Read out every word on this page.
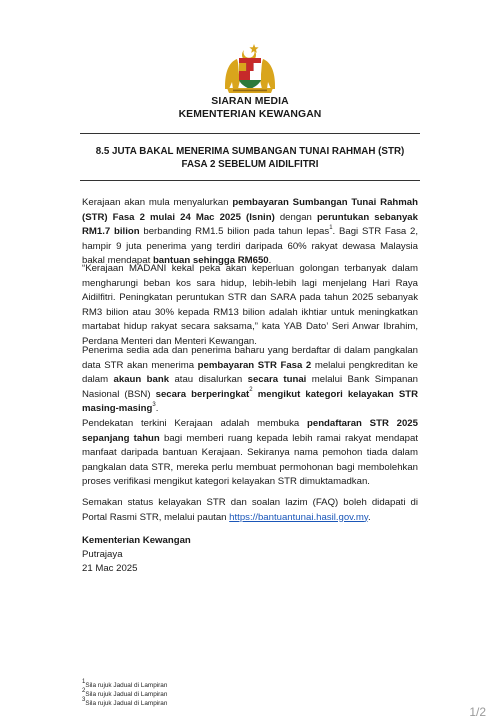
SIARAN MEDIA
KEMENTERIAN KEWANGAN
8.5 JUTA BAKAL MENERIMA SUMBANGAN TUNAI RAHMAH (STR)
FASA 2 SEBELUM AIDILFITRI
Kerajaan akan mula menyalurkan pembayaran Sumbangan Tunai Rahmah (STR) Fasa 2 mulai 24 Mac 2025 (Isnin) dengan peruntukan sebanyak RM1.7 bilion berbanding RM1.5 bilion pada tahun lepas$^1$. Bagi STR Fasa 2, hampir 9 juta penerima yang terdiri daripada 60% rakyat dewasa Malaysia bakal mendapat bantuan sehingga RM650.
“Kerajaan MADANI kekal peka akan keperluan golongan terbanyak dalam mengharungi beban kos sara hidup, lebih-lebih lagi menjelang Hari Raya Aidilfitri. Peningkatan peruntukan STR dan SARA pada tahun 2025 sebanyak RM3 bilion atau 30% kepada RM13 bilion adalah ikhtiar untuk meningkatkan martabat hidup rakyat secara saksama,” kata YAB Dato’ Seri Anwar Ibrahim, Perdana Menteri dan Menteri Kewangan.
Penerima sedia ada dan penerima baharu yang berdaftar di dalam pangkalan data STR akan menerima pembayaran STR Fasa 2 melalui pengkreditan ke dalam akaun bank atau disalurkan secara tunai melalui Bank Simpanan Nasional (BSN) secara berperingkat$^2$ mengikut kategori kelayakan STR masing-masing$^3$.
Pendekatan terkini Kerajaan adalah membuka pendaftaran STR 2025 sepanjang tahun bagi memberi ruang kepada lebih ramai rakyat mendapat manfaat daripada bantuan Kerajaan. Sekiranya nama pemohon tiada dalam pangkalan data STR, mereka perlu membuat permohonan bagi membolehkan proses verifikasi mengikut kategori kelayakan STR dimuktamadkan.
Semakan status kelayakan STR dan soalan lazim (FAQ) boleh didapati di Portal Rasmi STR, melalui pautan https://bantuantunai.hasil.gov.my.
Kementerian Kewangan
Putrajaya
21 Mac 2025
$^1$Sila rujuk Jadual di Lampiran
$^2$Sila rujuk Jadual di Lampiran
$^3$Sila rujuk Jadual di Lampiran
1/2
